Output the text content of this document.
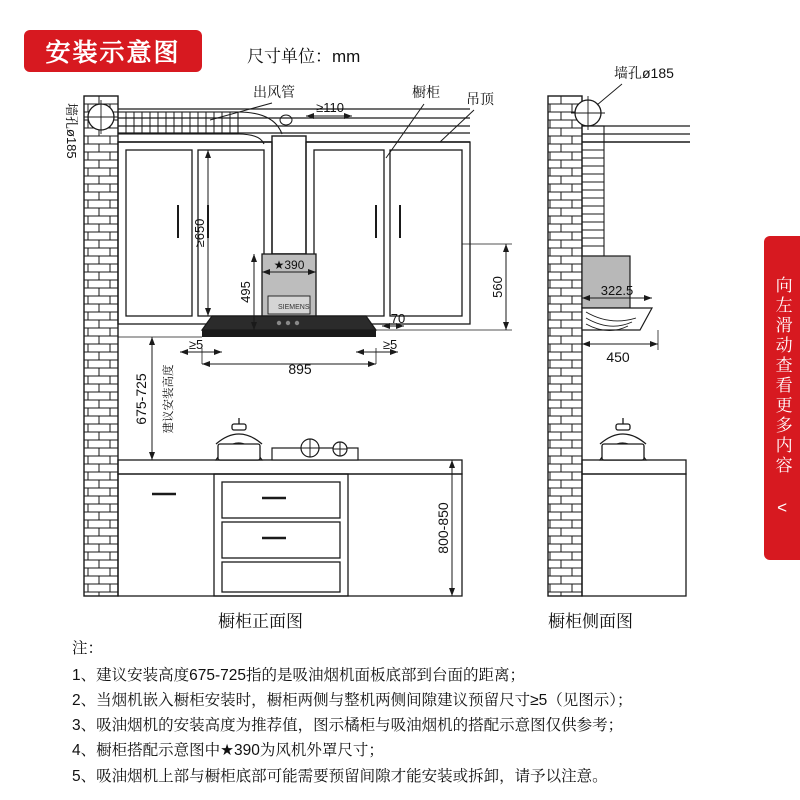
安装示意图	尺寸单位：mm
向左滑动查看更多内容 <
橱柜正面图	橱柜侧面图
注：
1、建议安装高度675-725指的是吸油烟机面板底部到台面的距离；
2、当烟机嵌入橱柜安装时，橱柜两侧与整机两侧间隙建议预留尺寸≥5（见图示）；
3、吸油烟机的安装高度为推荐值，图示橘柜与吸油烟机的搭配示意图仅供参考；
4、橱柜搭配示意图中★390为风机外罩尺寸；
5、吸油烟机上部与橱柜底部可能需要预留间隙才能安装或拆卸，请予以注意。
墙孔ø185
SIEMENS
出风管	橱柜 吊顶
≥110
≥650
495
★390
560
70
≥5	≥5
895
675-725 建议安装高度
800-850
墙孔ø185
322.5
450
